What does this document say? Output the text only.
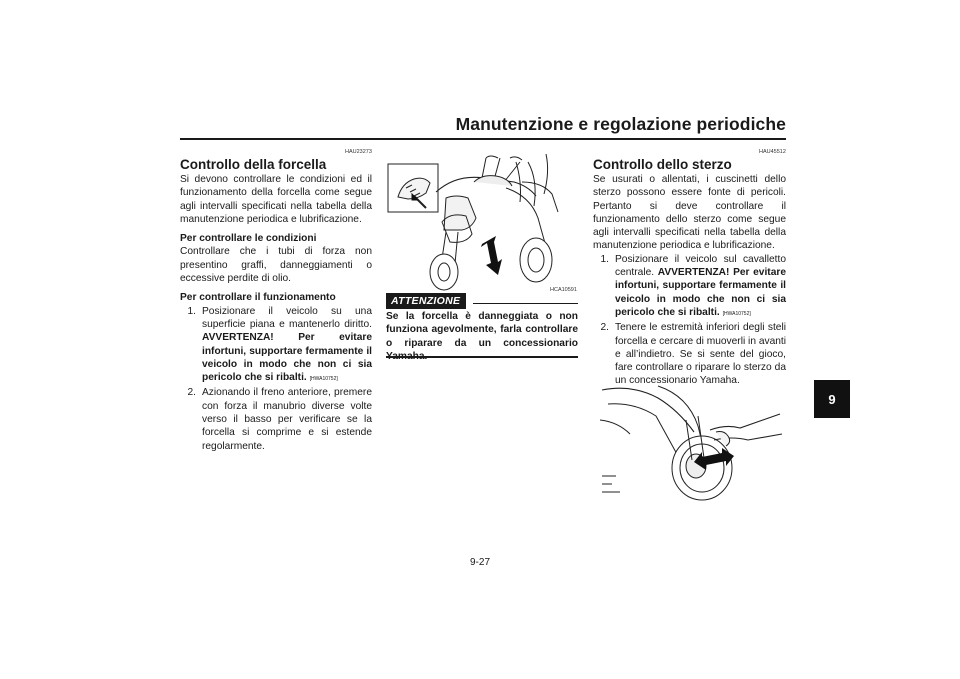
Manutenzione e regolazione periodiche
HAU23273

Controllo della forcella

Si devono controllare le condizioni ed il funzionamento della forcella come segue agli intervalli specificati nella tabella della manutenzione periodica e lubrificazione.

Per controllare le condizioni

Controllare che i tubi di forza non presentino graffi, danneggiamenti o eccessive perdite di olio.

Per controllare il funzionamento

1. Posizionare il veicolo su una superficie piana e mantenerlo diritto. AVVERTENZA! Per evitare infortuni, supportare fermamente il veicolo in modo che non ci sia pericolo che si ribalti. [HWA10752]
2. Azionando il freno anteriore, premere con forza il manubrio diverse volte verso il basso per verificare se la forcella si comprime e si estende regolarmente.
HCA10591
ATTENZIONE
Se la forcella è danneggiata o non funziona agevolmente, farla controllare o riparare da un concessionario
HAU45512

Controllo dello sterzo

Se usurati o allentati, i cuscinetti dello sterzo possono essere fonte di pericoli. Pertanto si deve controllare il funzionamento dello sterzo come segue agli intervalli specificati nella tabella della manutenzione periodica e lubrificazione.

1. Posizionare il veicolo sul cavalletto centrale. AVVERTENZA! Per evitare infortuni, supportare fermamente il veicolo in modo che non ci sia pericolo che si ribalti. [HWA10752]
2. Tenere le estremità inferiori degli steli forcella e cercare di muoverli in avanti e all’indietro. Se si sente del gioco, fare controllare o riparare lo sterzo da un concessionario Yamaha.
9
9-27
